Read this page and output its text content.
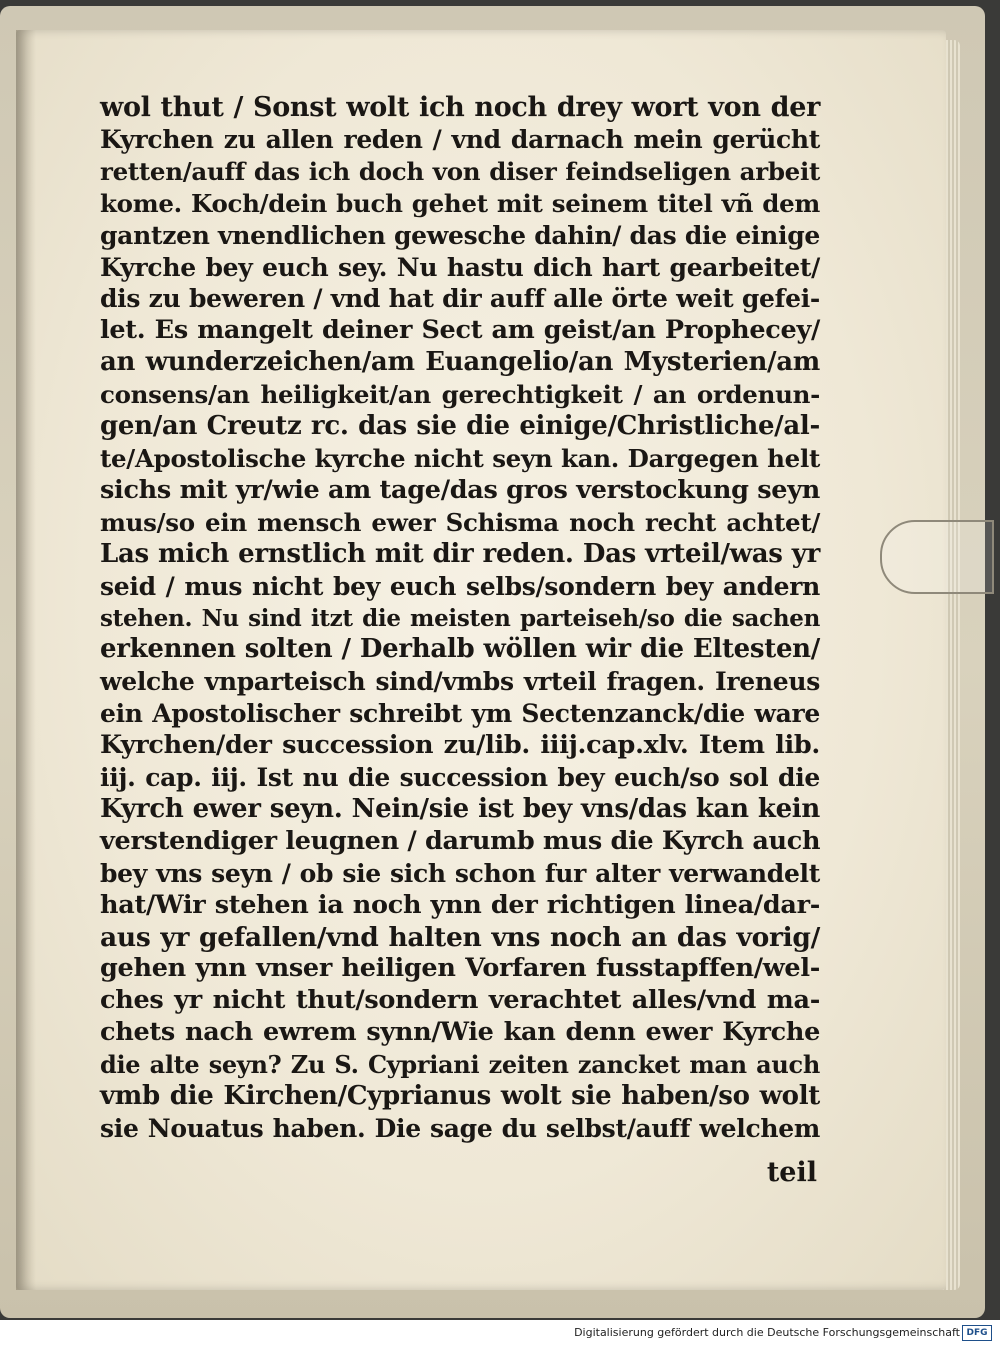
wol thut / Sonst wolt ich noch drey wort von der
Kyrchen zu allen reden / vnd darnach mein gerücht
retten/auff das ich doch von diser feindseligen arbeit
kome. Koch/dein buch gehet mit seinem titel vñ dem
gantzen vnendlichen gewesche dahin/ das die einige
Kyrche bey euch sey. Nu hastu dich hart gearbeitet/
dis zu beweren / vnd hat dir auff alle örte weit gefei-
let. Es mangelt deiner Sect am geist/an Prophecey/
an wunderzeichen/am Euangelio/an Mysterien/am
consens/an heiligkeit/an gerechtigkeit / an ordenun-
gen/an Creutz rc. das sie die einige/Christliche/al-
te/Apostolische kyrche nicht seyn kan. Dargegen helt
sichs mit yr/wie am tage/das gros verstockung seyn
mus/so ein mensch ewer Schisma noch recht achtet/
Las mich ernstlich mit dir reden. Das vrteil/was yr
seid / mus nicht bey euch selbs/sondern bey andern
stehen. Nu sind itzt die meisten parteiseh/so die sachen
erkennen solten / Derhalb wöllen wir die Eltesten/
welche vnparteisch sind/vmbs vrteil fragen. Ireneus
ein Apostolischer schreibt ym Sectenzanck/die ware
Kyrchen/der succession zu/lib. iiij.cap.xlv. Item lib.
iij. cap. iij. Ist nu die succession bey euch/so sol die
Kyrch ewer seyn. Nein/sie ist bey vns/das kan kein
verstendiger leugnen / darumb mus die Kyrch auch
bey vns seyn / ob sie sich schon fur alter verwandelt
hat/Wir stehen ia noch ynn der richtigen linea/dar-
aus yr gefallen/vnd halten vns noch an das vorig/
gehen ynn vnser heiligen Vorfaren fusstapffen/wel-
ches yr nicht thut/sondern verachtet alles/vnd ma-
chets nach ewrem synn/Wie kan denn ewer Kyrche
die alte seyn? Zu S. Cypriani zeiten zancket man auch
vmb die Kirchen/Cyprianus wolt sie haben/so wolt
sie Nouatus haben. Die sage du selbst/auff welchem
teil
Digitalisierung gefördert durch die Deutsche Forschungsgemeinschaft DFG
